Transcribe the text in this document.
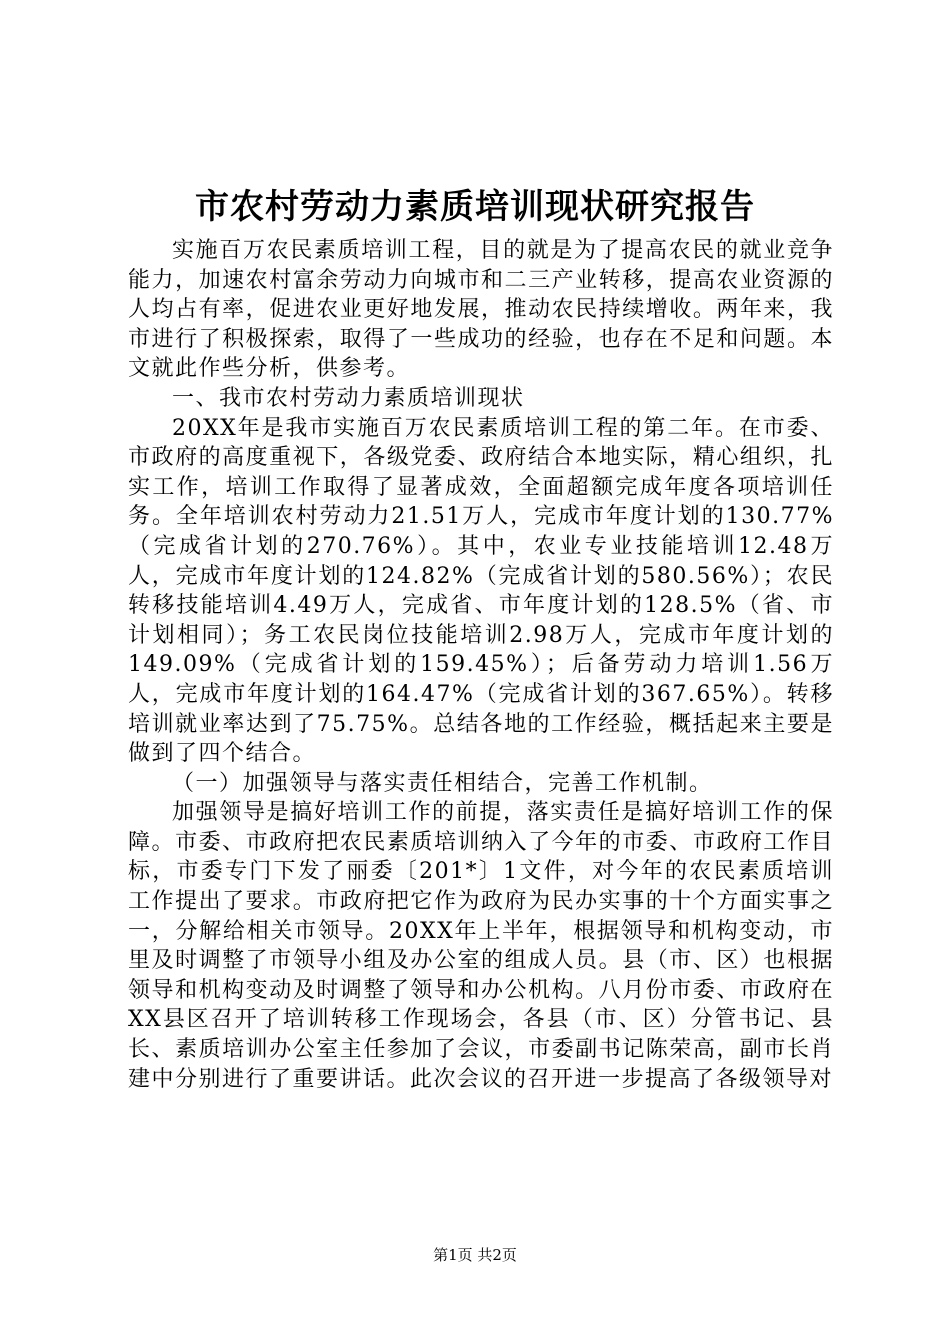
市农村劳动力素质培训现状研究报告

实施百万农民素质培训工程，目的就是为了提高农民的就业竞争能力，加速农村富余劳动力向城市和二三产业转移，提高农业资源的人均占有率，促进农业更好地发展，推动农民持续增收。两年来，我市进行了积极探索，取得了一些成功的经验，也存在不足和问题。本文就此作些分析，供参考。

一、我市农村劳动力素质培训现状

20XX年是我市实施百万农民素质培训工程的第二年。在市委、市政府的高度重视下，各级党委、政府结合本地实际，精心组织，扎实工作，培训工作取得了显著成效，全面超额完成年度各项培训任务。全年培训农村劳动力21.51万人，完成市年度计划的130.77%（完成省计划的270.76%）。其中，农业专业技能培训12.48万人，完成市年度计划的124.82%（完成省计划的580.56%）；农民转移技能培训4.49万人，完成省、市年度计划的128.5%（省、市计划相同）；务工农民岗位技能培训2.98万人，完成市年度计划的149.09%（完成省计划的159.45%）；后备劳动力培训1.56万人，完成市年度计划的164.47%（完成省计划的367.65%）。转移培训就业率达到了75.75%。总结各地的工作经验，概括起来主要是做到了四个结合。

（一）加强领导与落实责任相结合，完善工作机制。

加强领导是搞好培训工作的前提，落实责任是搞好培训工作的保障。市委、市政府把农民素质培训纳入了今年的市委、市政府工作目标，市委专门下发了丽委〔201*〕1文件，对今年的农民素质培训工作提出了要求。市政府把它作为政府为民办实事的十个方面实事之一，分解给相关市领导。20XX年上半年，根据领导和机构变动，市里及时调整了市领导小组及办公室的组成人员。县（市、区）也根据领导和机构变动及时调整了领导和办公机构。八月份市委、市政府在XX县区召开了培训转移工作现场会，各县（市、区）分管书记、县长、素质培训办公室主任参加了会议，市委副书记陈荣高，副市长肖建中分别进行了重要讲话。此次会议的召开进一步提高了各级领导对

第1页 共2页
